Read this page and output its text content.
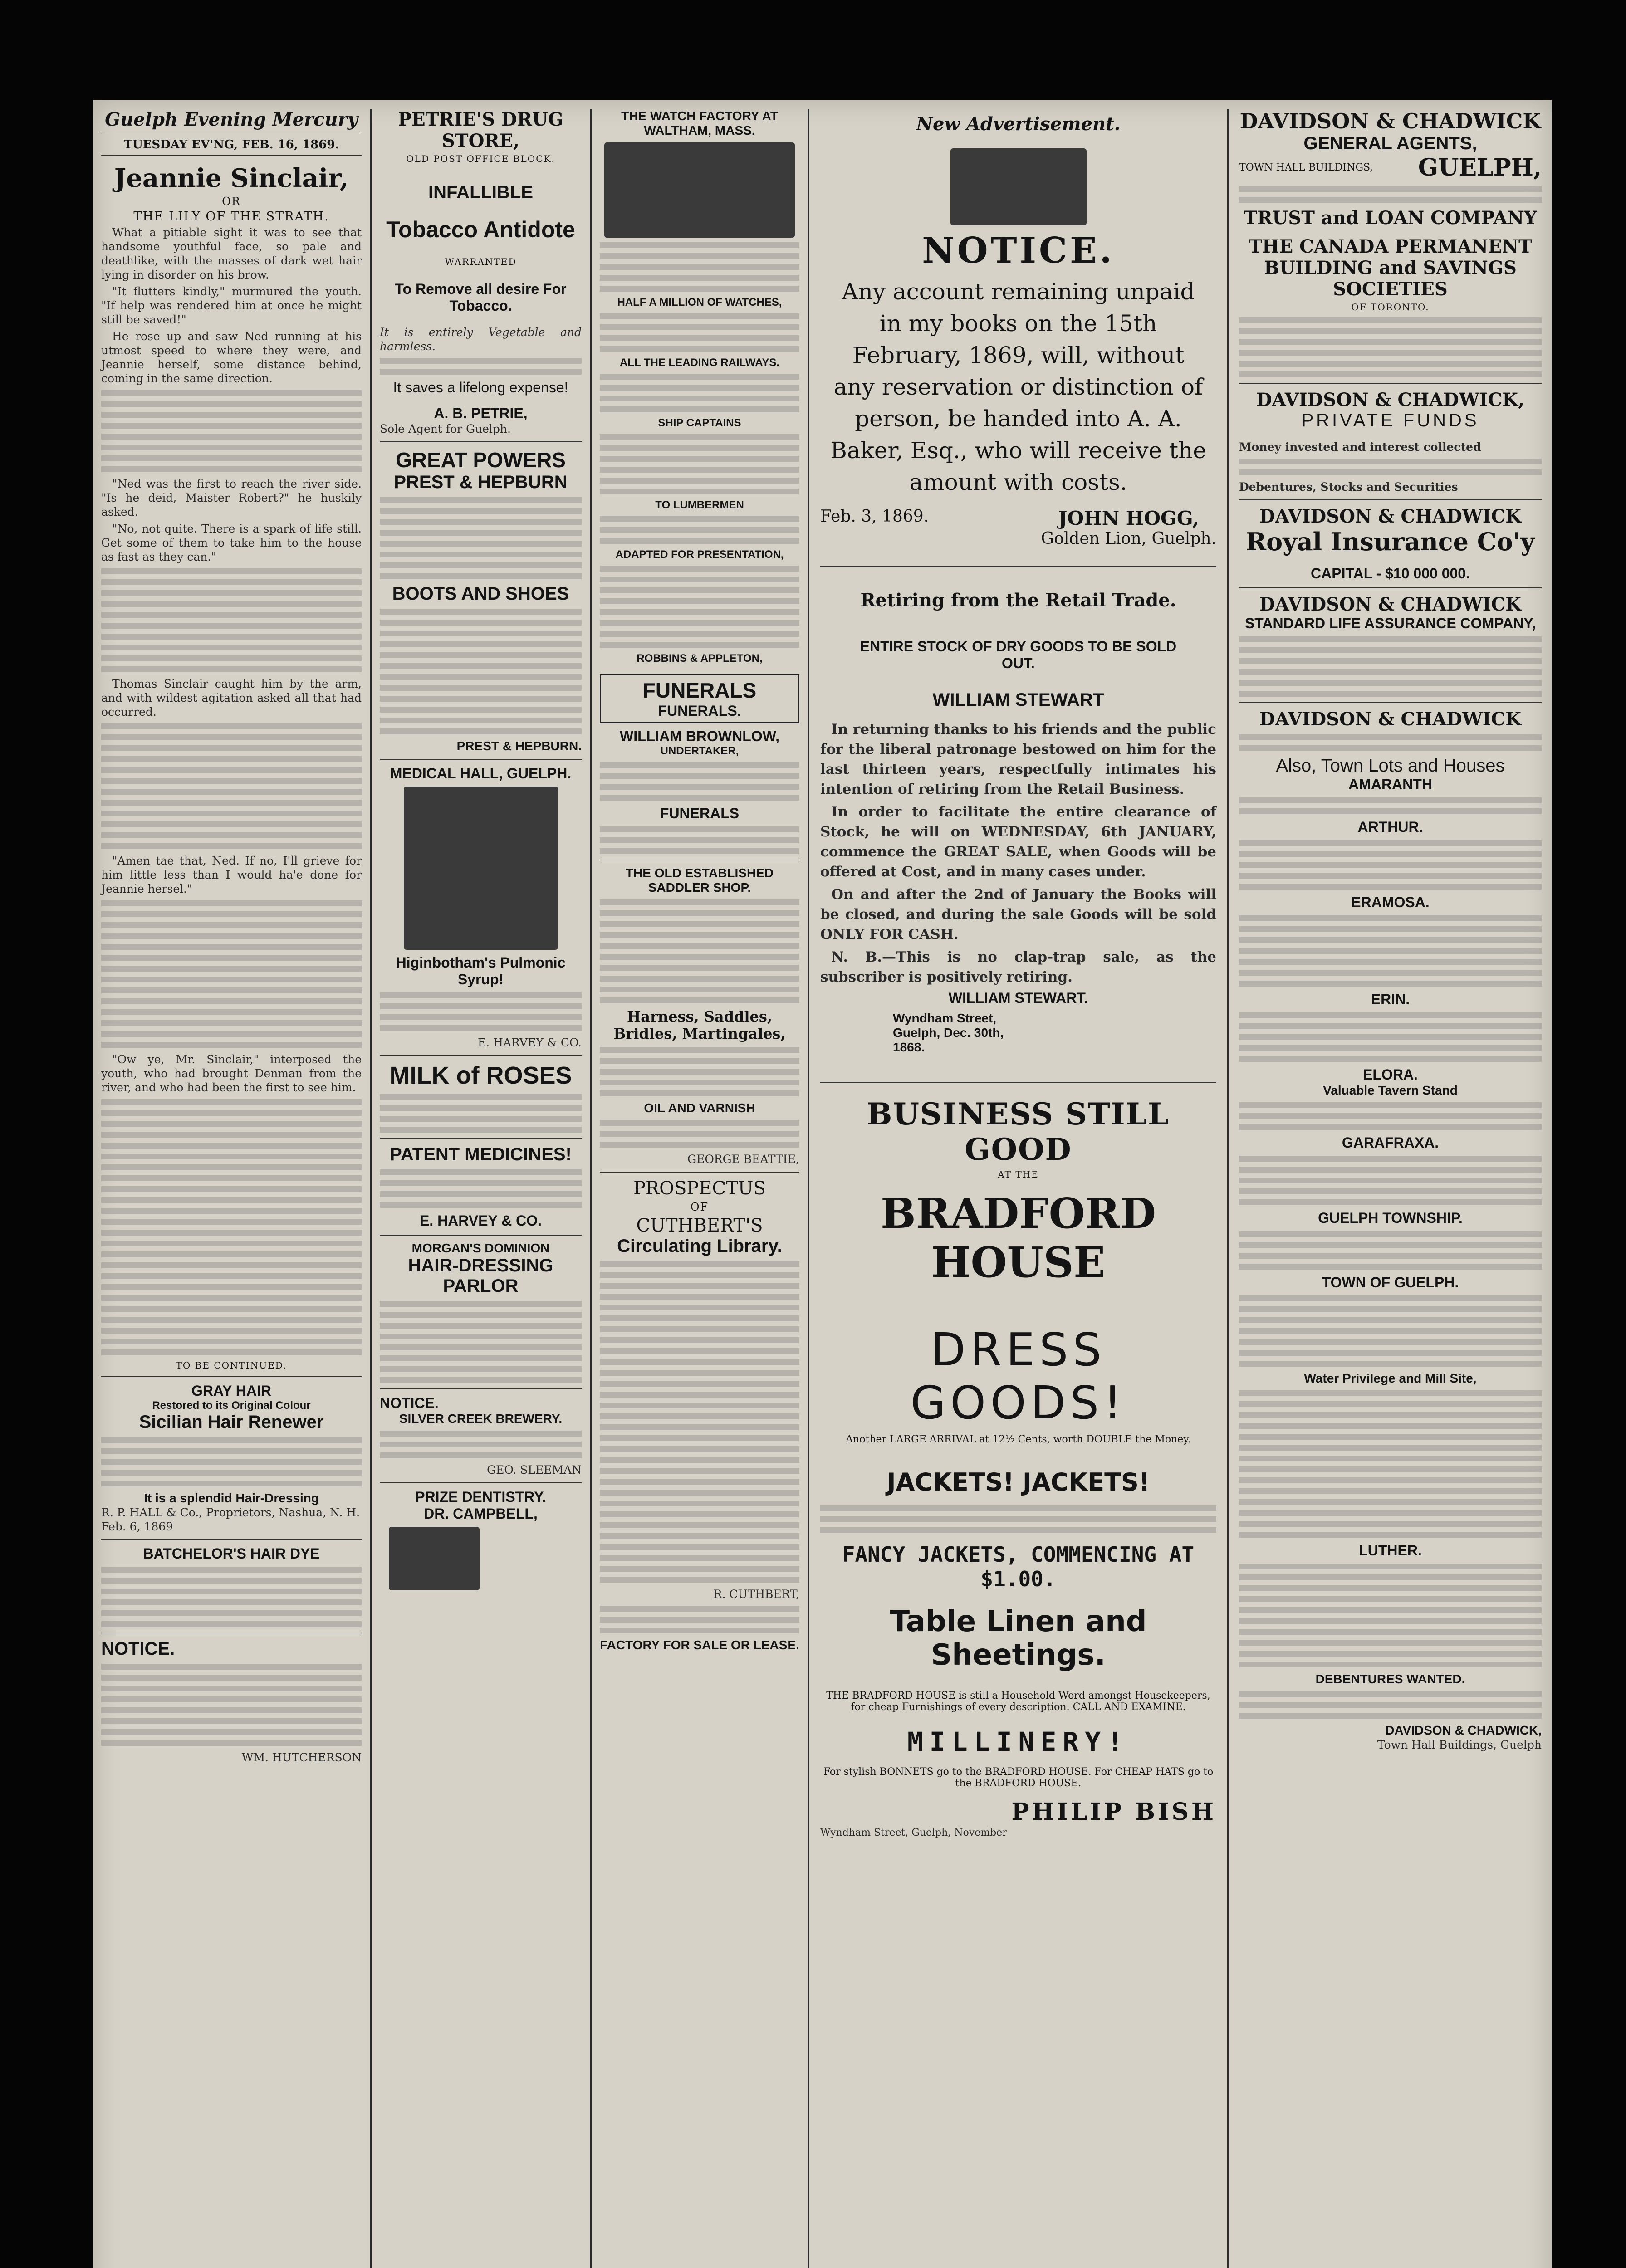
Guelph Evening Mercury
TUESDAY EV'NG, FEB. 16, 1869.
Jeannie Sinclair,
OR
THE LILY OF THE STRATH.

What a pitiable sight it was to see that handsome youthful face, so pale and deathlike, with the masses of dark wet hair lying in disorder on his brow.

"It flutters kindly," murmured the youth. "If help was rendered him at once he might still be saved!"

He rose up and saw Ned running at his utmost speed to where they were, and Jeannie herself, some distance behind, coming in the same direction.

"Ned was the first to reach the river side. "Is he deid, Maister Robert?" he huskily asked.

"No, not quite. There is a spark of life still. Get some of them to take him to the house as fast as they can."

Thomas Sinclair caught him by the arm, and with wildest agitation asked all that had occurred.

"Amen tae that, Ned. If no, I'll grieve for him little less than I would ha'e done for Jeannie hersel."

"Ow ye, Mr. Sinclair," interposed the youth, who had brought Denman from the river, and who had been the first to see him.

TO BE CONTINUED.
GRAY HAIR
Restored to its Original Colour
Sicilian Hair Renewer
It is a splendid Hair-Dressing
R. P. HALL & Co., Proprietors, Nashua, N. H.
Feb. 6, 1869
BATCHELOR'S HAIR DYE
NOTICE.
WM. HUTCHERSON
PETRIE'S DRUG STORE,
OLD POST OFFICE BLOCK.
INFALLIBLE
Tobacco Antidote
WARRANTED
To Remove all desire For Tobacco.
It is entirely Vegetable and harmless.
It saves a lifelong expense!
A. B. PETRIE,
Sole Agent for Guelph.
GREAT POWERS
PREST & HEPBURN
BOOTS AND SHOES
PREST & HEPBURN.
MEDICAL HALL, GUELPH.
Higinbotham's Pulmonic Syrup!
E. HARVEY & CO.
MILK of ROSES
PATENT MEDICINES!
E. HARVEY & CO.
MORGAN'S DOMINION
HAIR-DRESSING PARLOR
NOTICE.
SILVER CREEK BREWERY.
GEO. SLEEMAN
PRIZE DENTISTRY.
DR. CAMPBELL,
THE WATCH FACTORY AT WALTHAM, MASS.
HALF A MILLION OF WATCHES,
ALL THE LEADING RAILWAYS.
SHIP CAPTAINS
TO LUMBERMEN
ADAPTED FOR PRESENTATION,
ROBBINS & APPLETON,
FUNERALS
FUNERALS.
WILLIAM BROWNLOW,
UNDERTAKER,
FUNERALS
THE OLD ESTABLISHED SADDLER SHOP.
Harness, Saddles, Bridles, Martingales,
OIL AND VARNISH
GEORGE BEATTIE,
PROSPECTUS
OF
CUTHBERT'S
Circulating Library.
R. CUTHBERT,
FACTORY FOR SALE OR LEASE.
New Advertisement.
NOTICE.
Any account remaining unpaid in my books on the 15th February, 1869, will, without any reservation or distinction of person, be handed into A. A. Baker, Esq., who will receive the amount with costs.
Feb. 3, 1869.	JOHN HOGG,
Golden Lion, Guelph.
Retiring from the Retail Trade.
ENTIRE STOCK OF DRY GOODS TO BE SOLD OUT.
WILLIAM STEWART

In returning thanks to his friends and the public for the liberal patronage bestowed on him for the last thirteen years, respectfully intimates his intention of retiring from the Retail Business.

In order to facilitate the entire clearance of Stock, he will on WEDNESDAY, 6th JANUARY, commence the GREAT SALE, when Goods will be offered at Cost, and in many cases under.

On and after the 2nd of January the Books will be closed, and during the sale Goods will be sold ONLY FOR CASH.

N. B.—This is no clap-trap sale, as the subscriber is positively retiring.

WILLIAM STEWART.
Wyndham Street, Guelph, Dec. 30th, 1868.
BUSINESS STILL GOOD
AT THE
BRADFORD HOUSE
DRESS GOODS!
Another LARGE ARRIVAL at 12½ Cents, worth DOUBLE the Money.
JACKETS! JACKETS!
FANCY JACKETS, COMMENCING AT $1.00.
Table Linen and Sheetings.
THE BRADFORD HOUSE is still a Household Word amongst Housekeepers, for cheap Furnishings of every description. CALL AND EXAMINE.
MILLINERY!
For stylish BONNETS go to the BRADFORD HOUSE. For CHEAP HATS go to the BRADFORD HOUSE.
PHILIP BISH
Wyndham Street, Guelph, November
DAVIDSON & CHADWICK
GENERAL AGENTS,
TOWN HALL BUILDINGS, GUELPH,
TRUST and LOAN COMPANY
THE CANADA PERMANENT BUILDING and SAVINGS SOCIETIES
OF TORONTO.
DAVIDSON & CHADWICK,
PRIVATE FUNDS
Money invested and interest collected
Debentures, Stocks and Securities
DAVIDSON & CHADWICK
Royal Insurance Co'y
CAPITAL - $10 000 000.
DAVIDSON & CHADWICK
STANDARD LIFE ASSURANCE COMPANY,
DAVIDSON & CHADWICK
Also, Town Lots and Houses
AMARANTH
ARTHUR.
ERAMOSA.
ERIN.
ELORA.
Valuable Tavern Stand
GARAFRAXA.
GUELPH TOWNSHIP.
TOWN OF GUELPH.
Water Privilege and Mill Site,
LUTHER.
DEBENTURES WANTED.
DAVIDSON & CHADWICK,
Town Hall Buildings, Guelph
